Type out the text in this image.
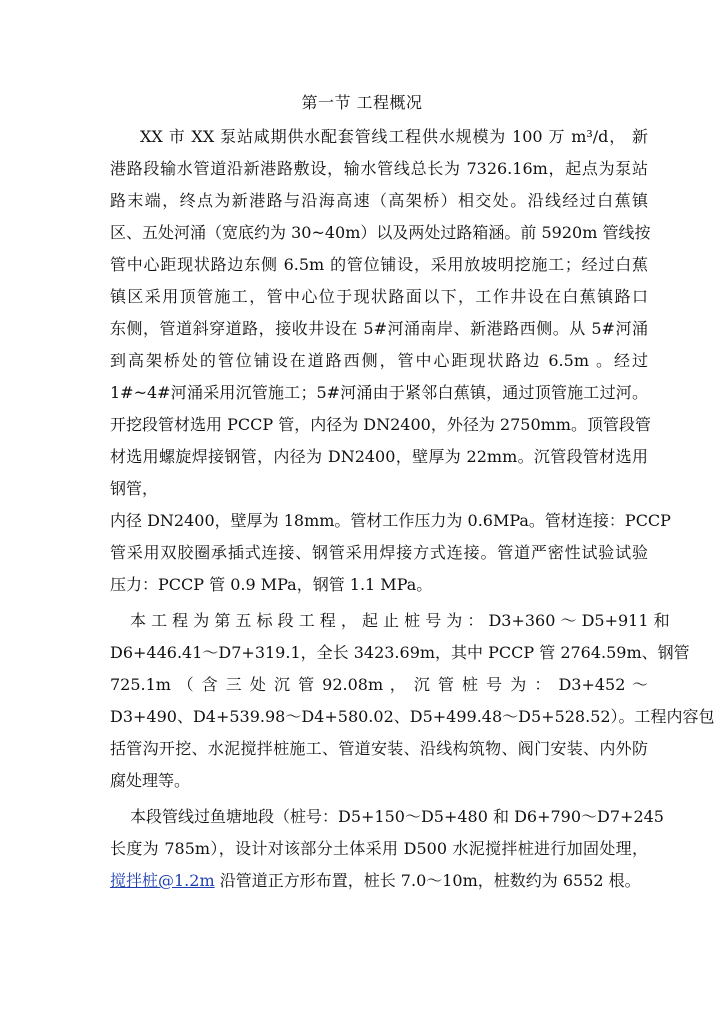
第一节 工程概况
XX 市 XX 泵站咸期供水配套管线工程供水规模为 100 万 m³/d， 新
港路段输水管道沿新港路敷设，输水管线总长为 7326.16m，起点为泵站
路末端，终点为新港路与沿海高速（高架桥）相交处。沿线经过白蕉镇
区、五处河涌（宽底约为 30~40m）以及两处过路箱涵。前 5920m 管线按
管中心距现状路边东侧 6.5m 的管位铺设，采用放坡明挖施工；经过白蕉
镇区采用顶管施工，管中心位于现状路面以下，工作井设在白蕉镇路口
东侧，管道斜穿道路，接收井设在 5#河涌南岸、新港路西侧。从 5#河涌
到高架桥处的管位铺设在道路西侧，管中心距现状路边 6.5m 。经过
1#~4#河涌采用沉管施工；5#河涌由于紧邻白蕉镇，通过顶管施工过河。
开挖段管材选用 PCCP 管，内径为 DN2400，外径为 2750mm。顶管段管
材选用螺旋焊接钢管，内径为 DN2400，壁厚为 22mm。沉管段管材选用
钢管，
内径 DN2400，壁厚为 18mm。管材工作压力为 0.6MPa。管材连接：PCCP
管采用双胶圈承插式连接、钢管采用焊接方式连接。管道严密性试验试验
压力：PCCP 管 0.9 MPa，钢管 1.1 MPa。
本 工 程 为 第 五 标 段 工 程 ， 起 止 桩 号 为 ： D3+360 ～ D5+911 和
D6+446.41～D7+319.1，全长 3423.69m，其中 PCCP 管 2764.59m、钢管
725.1m （ 含 三 处 沉 管 92.08m ， 沉 管 桩 号 为 ： D3+452 ～
D3+490、D4+539.98～D4+580.02、D5+499.48～D5+528.52）。工程内容包
括管沟开挖、水泥搅拌桩施工、管道安装、沿线构筑物、阀门安装、内外防
腐处理等。
本段管线过鱼塘地段（桩号：D5+150～D5+480 和 D6+790～D7+245
长度为 785m），设计对该部分土体采用 D500 水泥搅拌桩进行加固处理，
搅拌桩@1.2m 沿管道正方形布置，桩长 7.0～10m，桩数约为 6552 根。
